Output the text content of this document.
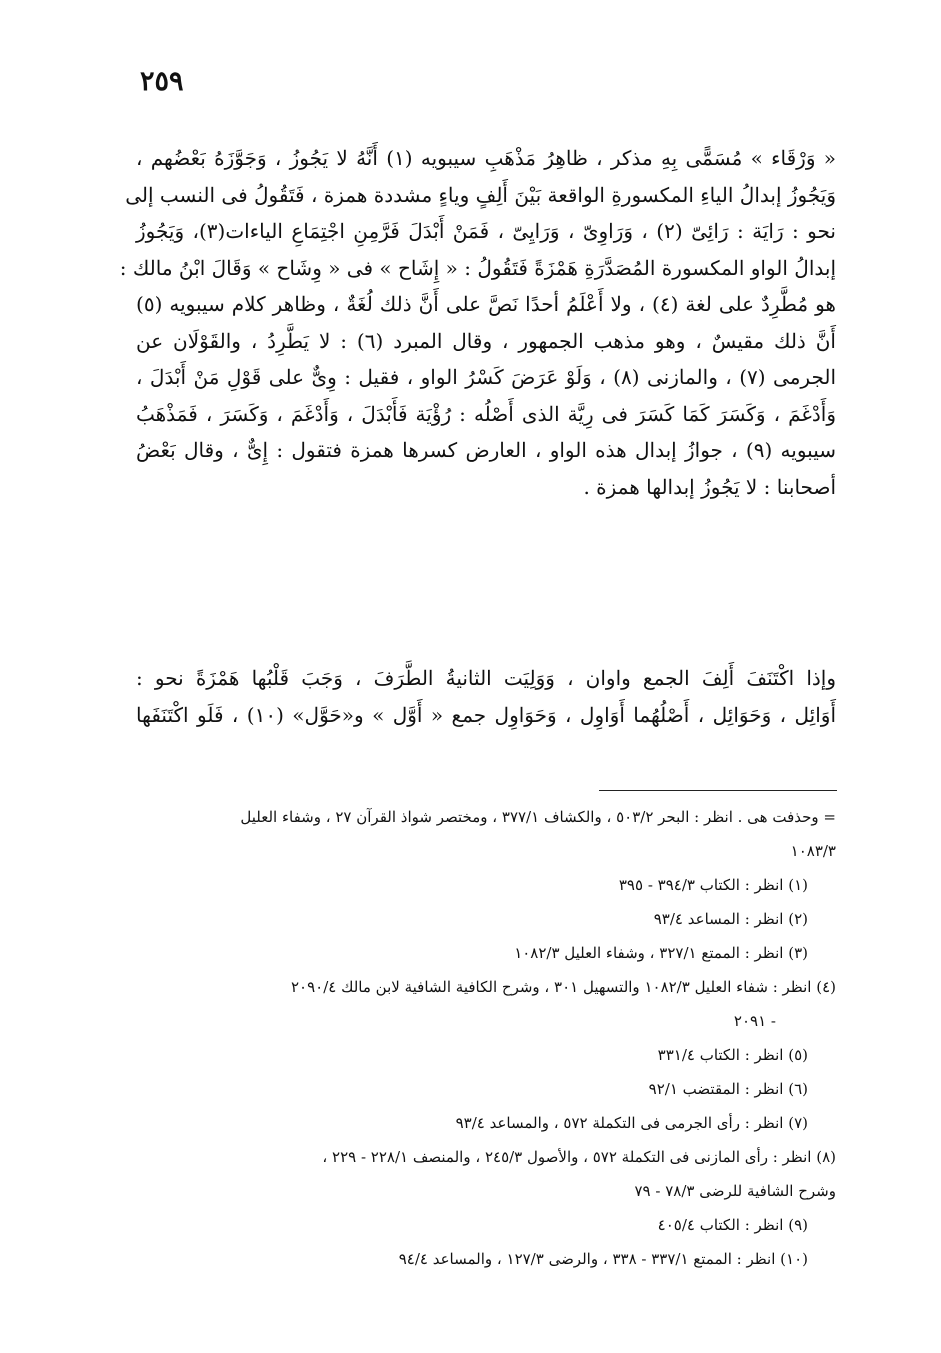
٢٥٩
« وَرْقَاء » مُسَمًّى بِهِ مذكر ، ظاهِرُ مَذْهَبِ سيبويه (١) أَنَّهُ لا يَجُوزُ ، وَجَوَّزَهُ بَعْضُهم ،
وَيَجُوزُ إبدالُ الياءِ المكسورةِ الواقعة بَيْنَ أَلِفٍ وياءٍ مشددة همزة ، فَتَقُولُ فى النسب إلى
نحو : رَايَة : رَائِىّ (٢) ، وَرَاوِىّ ، وَرَايِىّ ، فَمَنْ أَبْدَلَ فَرَّمِنِ اجْتِمَاعِ الياءات(٣)، وَيَجُوزُ
إبدالُ الواو المكسورة المُصَدَّرَةِ هَمْزَةً فَتَقُولُ : « إِشَاح » فى « وِشَاح » وَقَالَ ابْنُ مالك :
هو مُطَّرِدٌ على لغة (٤) ، ولا أَعْلَمُ أحدًا نَصَّ على أَنَّ ذلك لُغَةٌ ، وظاهر كلام سيبويه (٥)
أَنَّ ذلك مقيسٌ ، وهو مذهب الجمهور ، وقال المبرد (٦) : لا يَطَّرِدُ ، والقَوْلَان عن
الجرمى (٧) ، والمازنى (٨) ، وَلَوْ عَرَضَ كَسْرُ الواو ، فقيل : وِىٌّ على قَوْلِ مَنْ أَبْدَلَ ،
وَأَدْغَمَ ، وَكَسَرَ كَمَا كَسَرَ فى رِيَّة الذى أَصْلُه : رُؤْيَة فَأَبْدَلَ ، وَأَدْغَمَ ، وَكَسَرَ ، فَمَذْهَبُ
سيبويه (٩) ، جوازُ إبدال هذه الواو ، العارض كسرها همزة فتقول : إِىٌّ ، وقال بَعْضُ
أصحابنا : لا يَجُوزُ إبدالها همزة .
وإذا اكْتَنَفَ أَلِفَ الجمع واوان ، وَوَلِيَت الثانيةُ الطَّرَفَ ، وَجَبَ قَلْبُها هَمْزَةً نحو :
أَوَائِل ، وَحَوَائِل ، أَصْلُهُما أَوَاوِل ، وَحَوَاوِل جمع « أَوَّل » و«حَوَّل» (١٠) ، فَلَو اكْتَنَفَها
= وحذفت هى . انظر : البحر ٥٠٣/٢ ، والكشاف ٣٧٧/١ ، ومختصر شواذ القرآن ٢٧ ، وشفاء العليل
١٠٨٣/٣
(١) انظر : الكتاب ٣٩٤/٣ - ٣٩٥
(٢) انظر : المساعد ٩٣/٤
(٣) انظر : الممتع ٣٢٧/١ ، وشفاء العليل ١٠٨٢/٣
(٤) انظر : شفاء العليل ١٠٨٢/٣ والتسهيل ٣٠١ ، وشرح الكافية الشافية لابن مالك ٢٠٩٠/٤
- ٢٠٩١
(٥) انظر : الكتاب ٣٣١/٤
(٦) انظر : المقتضب ٩٢/١
(٧) انظر : رأى الجرمى فى التكملة ٥٧٢ ، والمساعد ٩٣/٤
(٨) انظر : رأى المازنى فى التكملة ٥٧٢ ، والأصول ٢٤٥/٣ ، والمنصف ٢٢٨/١ - ٢٢٩ ،
وشرح الشافية للرضى ٧٨/٣ - ٧٩
(٩) انظر : الكتاب ٤٠٥/٤
(١٠) انظر : الممتع ٣٣٧/١ - ٣٣٨ ، والرضى ١٢٧/٣ ، والمساعد ٩٤/٤
